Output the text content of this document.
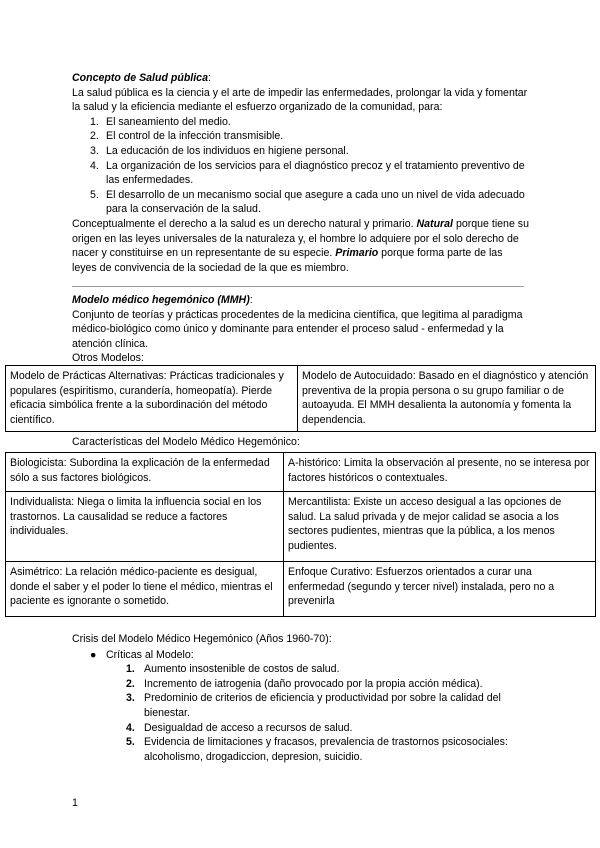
Concepto de Salud pública:

La salud pública es la ciencia y el arte de impedir las enfermedades, prolongar la vida y fomentar la salud y la eficiencia mediante el esfuerzo organizado de la comunidad, para:

1. El saneamiento del medio.
2. El control de la infección transmisible.
3. La educación de los individuos en higiene personal.
4. La organización de los servicios para el diagnóstico precoz y el tratamiento preventivo de las enfermedades.
5. El desarrollo de un mecanismo social que asegure a cada uno un nivel de vida adecuado para la conservación de la salud.

Conceptualmente el derecho a la salud es un derecho natural y primario. Natural porque tiene su origen en las leyes universales de la naturaleza y, el hombre lo adquiere por el solo derecho de nacer y constituirse en un representante de su especie. Primario porque forma parte de las leyes de convivencia de la sociedad de la que es miembro.

Modelo médico hegemónico (MMH):

Conjunto de teorías y prácticas procedentes de la medicina científica, que legitima al paradigma médico-biológico como único y dominante para entender el proceso salud - enfermedad y la atención clínica.

Otros Modelos:

Modelo de Prácticas Alternativas: Prácticas tradicionales y populares (espiritismo, curandería, homeopatía). Pierde eficacia simbólica frente a la subordinación del método científico.	Modelo de Autocuidado: Basado en el diagnóstico y atención preventiva de la propia persona o su grupo familiar o de autoayuda. El MMH desalienta la autonomía y fomenta la dependencia.
Características del Modelo Médico Hegemónico:
Biologicista: Subordina la explicación de la enfermedad sólo a sus factores biológicos.	A-histórico: Limita la observación al presente, no se interesa por factores históricos o contextuales.
Individualista: Niega o limita la influencia social en los trastornos. La causalidad se reduce a factores individuales.	Mercantilista: Existe un acceso desigual a las opciones de salud. La salud privada y de mejor calidad se asocia a los sectores pudientes, mientras que la pública, a los menos pudientes.
Asimétrico: La relación médico-paciente es desigual, donde el saber y el poder lo tiene el médico, mientras el paciente es ignorante o sometido.	Enfoque Curativo: Esfuerzos orientados a curar una enfermedad (segundo y tercer nivel) instalada, pero no a prevenirla

Crisis del Modelo Médico Hegemónico (Años 1960-70):

● Críticas al Modelo:
1. Aumento insostenible de costos de salud.
2. Incremento de iatrogenia (daño provocado por la propia acción médica).
3. Predominio de criterios de eficiencia y productividad por sobre la calidad del bienestar.
4. Desigualdad de acceso a recursos de salud.
5. Evidencia de limitaciones y fracasos, prevalencia de trastornos psicosociales: alcoholismo, drogadiccion, depresion, suicidio.
1
